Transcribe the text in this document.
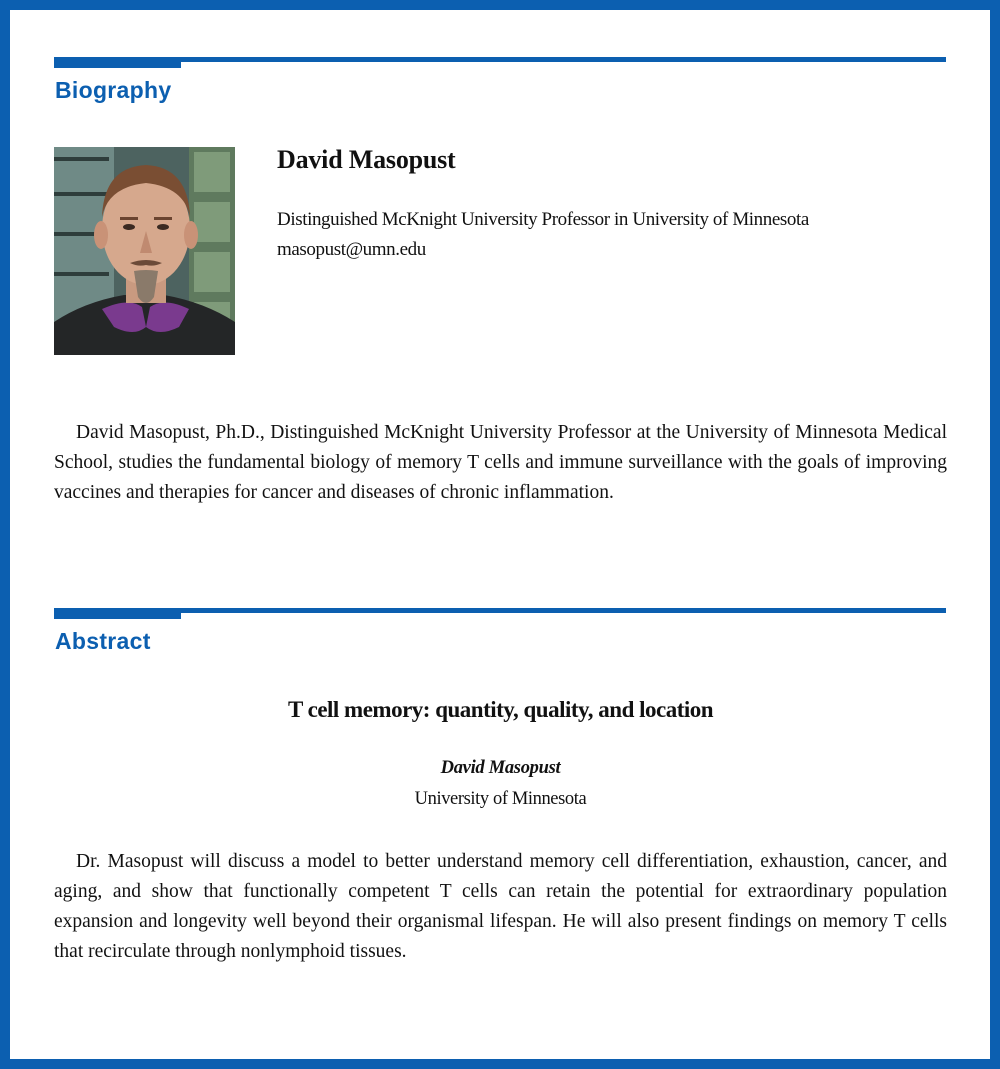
Biography
David Masopust

Distinguished McKnight University Professor in University of Minnesota

masopust@umn.edu

David Masopust, Ph.D., Distinguished McKnight University Professor at the University of Minnesota Medical School, studies the fundamental biology of memory T cells and immune surveillance with the goals of improving vaccines and therapies for cancer and diseases of chronic inflammation.

Abstract
T cell memory: quantity, quality, and location

David Masopust

University of Minnesota

Dr. Masopust will discuss a model to better understand memory cell differentiation, exhaustion, cancer, and aging, and show that functionally competent T cells can retain the potential for extraordinary population expansion and longevity well beyond their organismal lifespan. He will also present findings on memory T cells that recirculate through nonlymphoid tissues.
